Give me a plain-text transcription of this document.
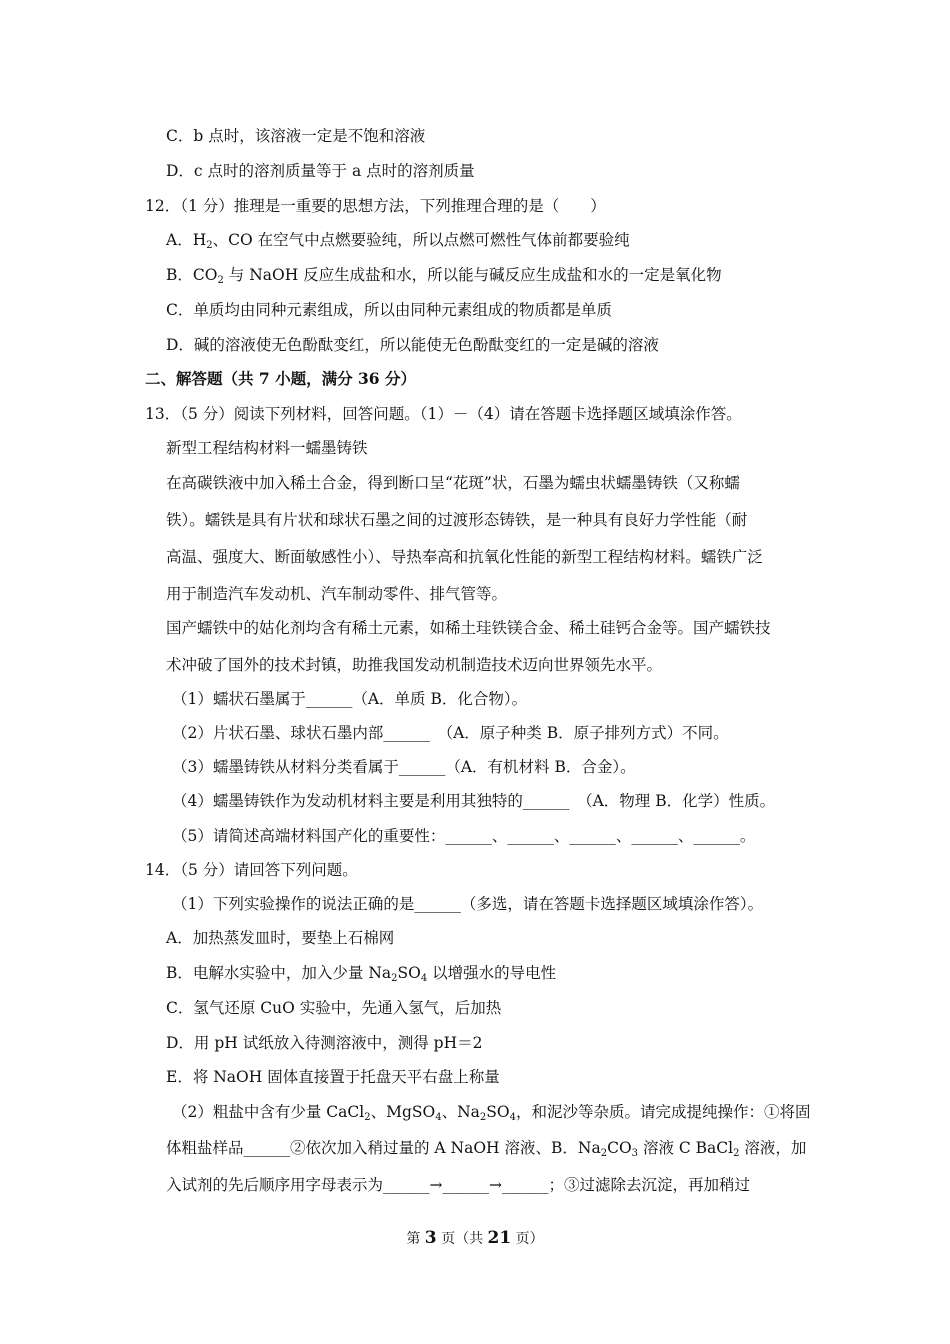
C．b 点时，该溶液一定是不饱和溶液
D．c 点时的溶剂质量等于 a 点时的溶剂质量
12．（1 分）推理是一重要的思想方法，下列推理合理的是（　　）
A．$H_2$、CO 在空气中点燃要验纯，所以点燃可燃性气体前都要验纯
B．$CO_2$ 与 NaOH 反应生成盐和水，所以能与碱反应生成盐和水的一定是氧化物
C．单质均由同种元素组成，所以由同种元素组成的物质都是单质
D．碱的溶液使无色酚酞变红，所以能使无色酚酞变红的一定是碱的溶液
二、解答题（共 7 小题，满分 36 分）
13．（5 分）阅读下列材料，回答问题。（1）－（4）请在答题卡选择题区域填涂作答。
新型工程结构材料一蠕墨铸铁
在高碳铁液中加入稀土合金，得到断口呈“花斑”状，石墨为蠕虫状蠕墨铸铁（又称蠕
铁）。蠕铁是具有片状和球状石墨之间的过渡形态铸铁，是一种具有良好力学性能（耐
高温、强度大、断面敏感性小）、导热奉高和抗氧化性能的新型工程结构材料。蠕铁广泛
用于制造汽车发动机、汽车制动零件、排气管等。
国产蠕铁中的姑化剂均含有稀土元素，如稀土珪铁镁合金、稀土硅钙合金等。国产蠕铁技
术冲破了国外的技术封镇，助推我国发动机制造技术迈向世界领先水平。
（1）蠕状石墨属于______（A．单质 B．化合物）。
（2）片状石墨、球状石墨内部______　（A．原子种类 B．原子排列方式）不同。
（3）蠕墨铸铁从材料分类看属于______（A．有机材料 B．合金）。
（4）蠕墨铸铁作为发动机材料主要是利用其独特的______　（A．物理 B．化学）性质。
（5）请简述高端材料国产化的重要性：______、______、______、______、______。
14．（5 分）请回答下列问题。
（1）下列实验操作的说法正确的是______（多选，请在答题卡选择题区域填涂作答）。
A．加热蒸发皿时，要垫上石棉网
B．电解水实验中，加入少量 $Na_2SO_4$ 以增强水的导电性
C．氢气还原 CuO 实验中，先通入氢气，后加热
D．用 pH 试纸放入待测溶液中，测得 pH＝2
E．将 NaOH 固体直接置于托盘天平右盘上称量
（2）粗盐中含有少量 CaCl$_2$、MgSO$_4$、$Na_2SO_4$，和泥沙等杂质。请完成提纯操作：①将固
体粗盐样品______②依次加入稍过量的 A NaOH 溶液、B．$Na_2CO_3$ 溶液 C BaCl$_2$ 溶液，加
入试剂的先后顺序用字母表示为______→______→______；③过滤除去沉淀，再加稍过
第 3 页（共 21 页）
